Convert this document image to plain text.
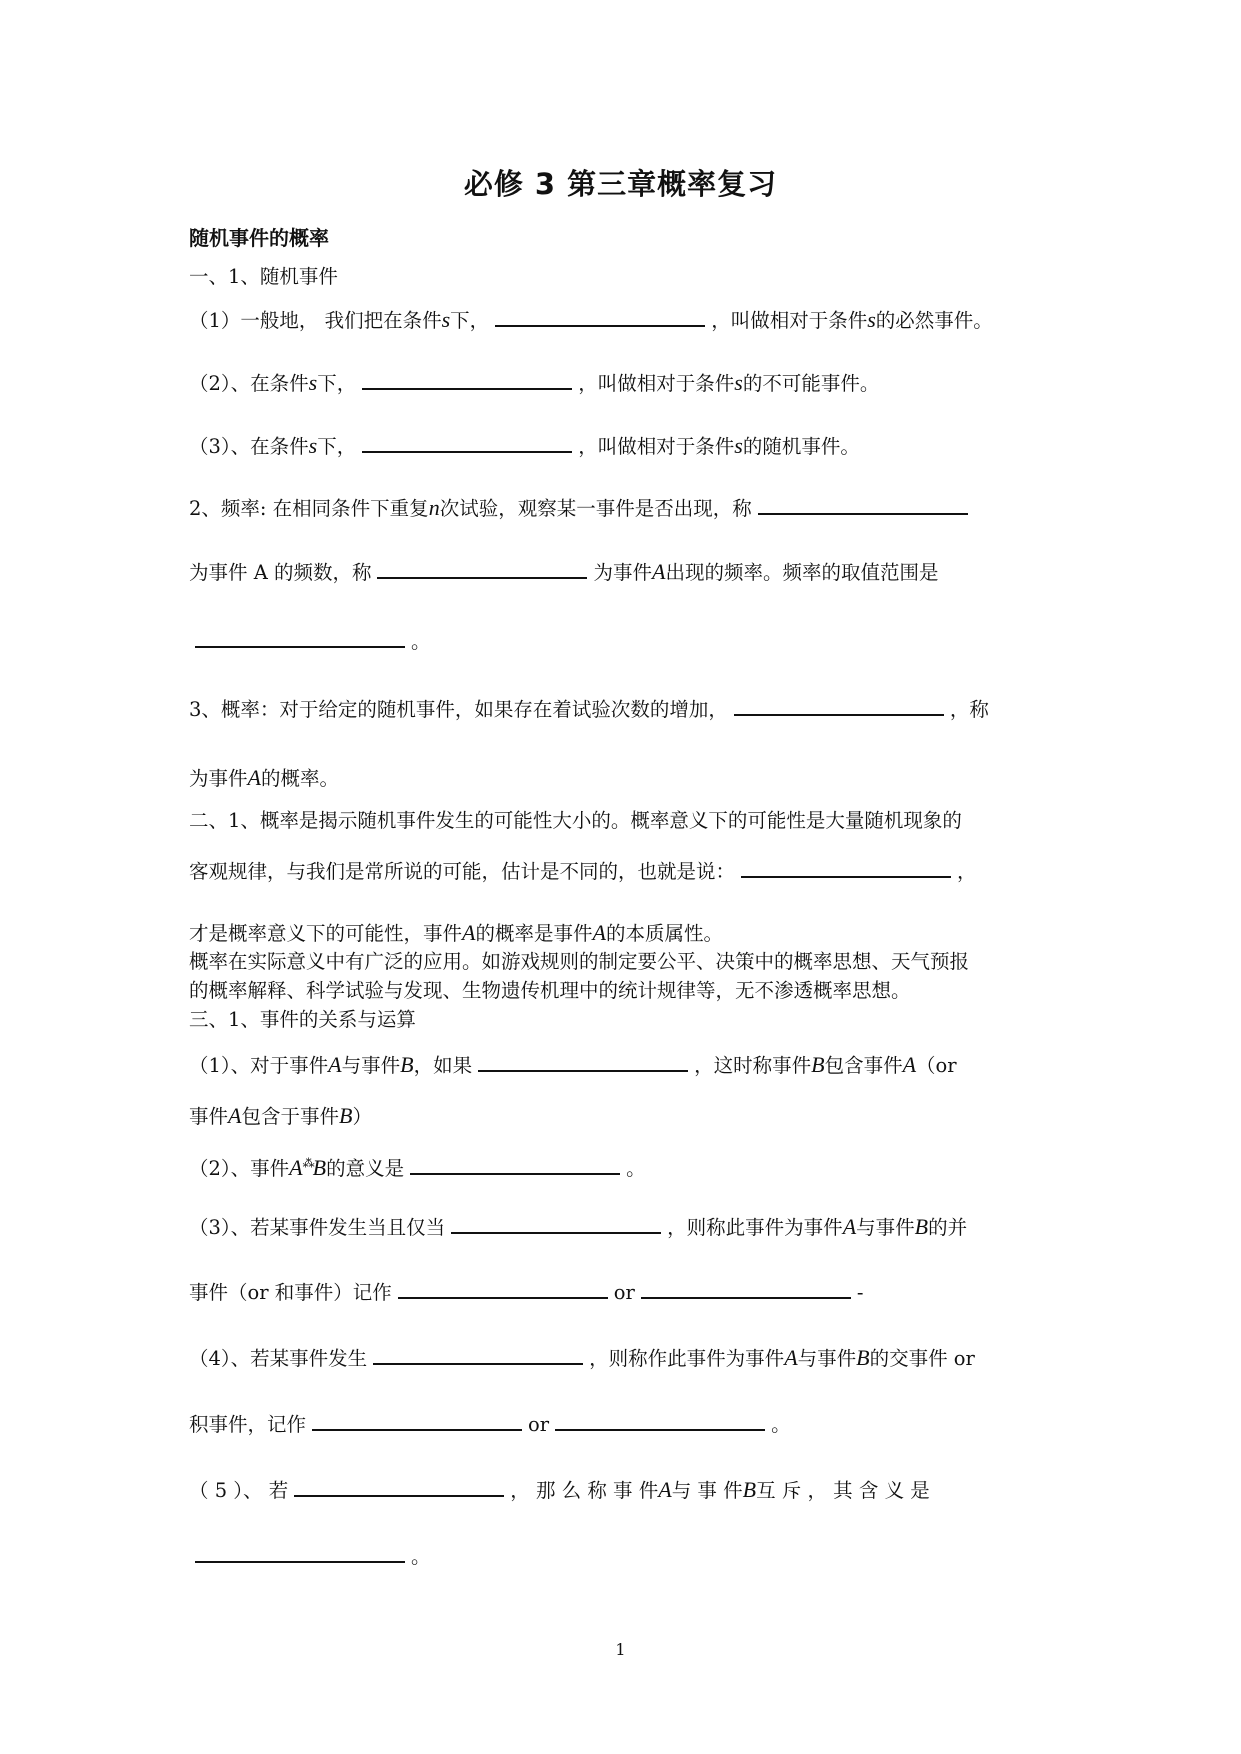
必修 3 第三章概率复习
随机事件的概率
一、1、随机事件
（1）一般地， 我们把在条件s下，	，叫做相对于条件s的必然事件。
（2）、在条件s下，	，叫做相对于条件s的不可能事件。
（3）、在条件s下，	，叫做相对于条件s的随机事件。
2、频率: 在相同条件下重复n次试验，观察某一事件是否出现，称
为事件 A 的频数，称	为事件A出现的频率。频率的取值范围是
。
3、概率：对于给定的随机事件，如果存在着试验次数的增加，	，称
为事件A的概率。
二、1、概率是揭示随机事件发生的可能性大小的。概率意义下的可能性是大量随机现象的
客观规律，与我们是常所说的可能，估计是不同的，也就是说：	，
才是概率意义下的可能性，事件A的概率是事件A的本质属性。
概率在实际意义中有广泛的应用。如游戏规则的制定要公平、决策中的概率思想、天气预报
的概率解释、科学试验与发现、生物遗传机理中的统计规律等，无不渗透概率思想。
三、1、事件的关系与运算
（1）、对于事件A与事件B，如果	，这时称事件B包含事件A（or
事件A包含于事件B）
（2）、事件A⁂B的意义是	。
（3）、若某事件发生当且仅当	，则称此事件为事件A与事件B的并
事件（or 和事件）记作	or	-
（4）、若某事件发生	，则称作此事件为事件A与事件B的交事件 or
积事件，记作	or	。
（ 5 ）、 若	， 那 么 称 事 件A与 事 件B互 斥 ， 其 含 义 是
。
1
